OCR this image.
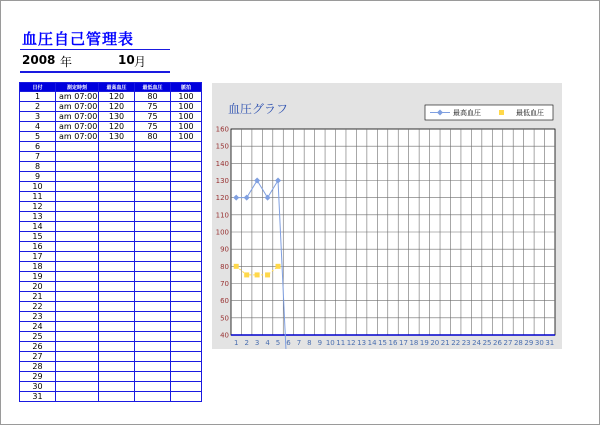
血圧自己管理表
2008 年	10 月
日付	測定時刻	最高血圧	最低血圧	脈拍
1	am 07:00	120	80	100
2	am 07:00	120	75	100
3	am 07:00	130	75	100
4	am 07:00	120	75	100
5	am 07:00	130	80	100
6				
7				
8				
9				
10				
11				
12				
13				
14				
15				
16				
17				
18				
19				
20				
21				
22				
23				
24				
25				
26				
27				
28				
29				
30				
31				
血圧グラフ	最高血圧	最低血圧
40
50
60
70
80
90
100
110
120
130
140
150
160
1 2 3 4 5 6 7 8 9 10 11 12 13 14 15 16 17 18 19 20 21 22 23 24 25 26 27 28 29 30 31
